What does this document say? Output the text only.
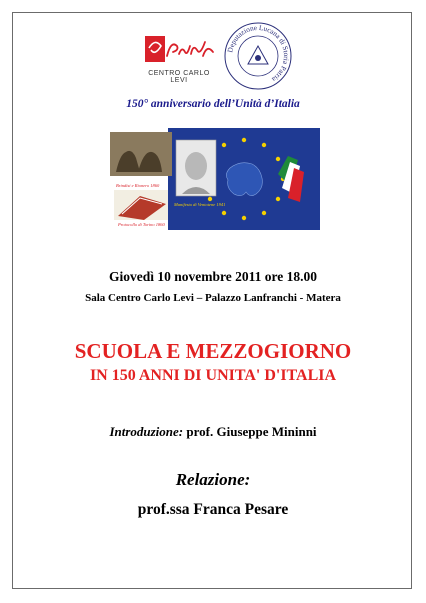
CENTRO CARLO LEVI
Deputazione Lucana di Storia Patria
150° anniversario dell’Unità d’Italia
Brindisi e Rionero 1860
Protocollo di Torino 1860
Manifesto di Ventotene 1941
Giovedì 10 novembre 2011 ore 18.00
Sala Centro Carlo Levi – Palazzo Lanfranchi - Matera
SCUOLA E MEZZOGIORNO
IN 150 ANNI DI UNITA' D'ITALIA
Introduzione: prof. Giuseppe Mininni
Relazione:
prof.ssa Franca Pesare
